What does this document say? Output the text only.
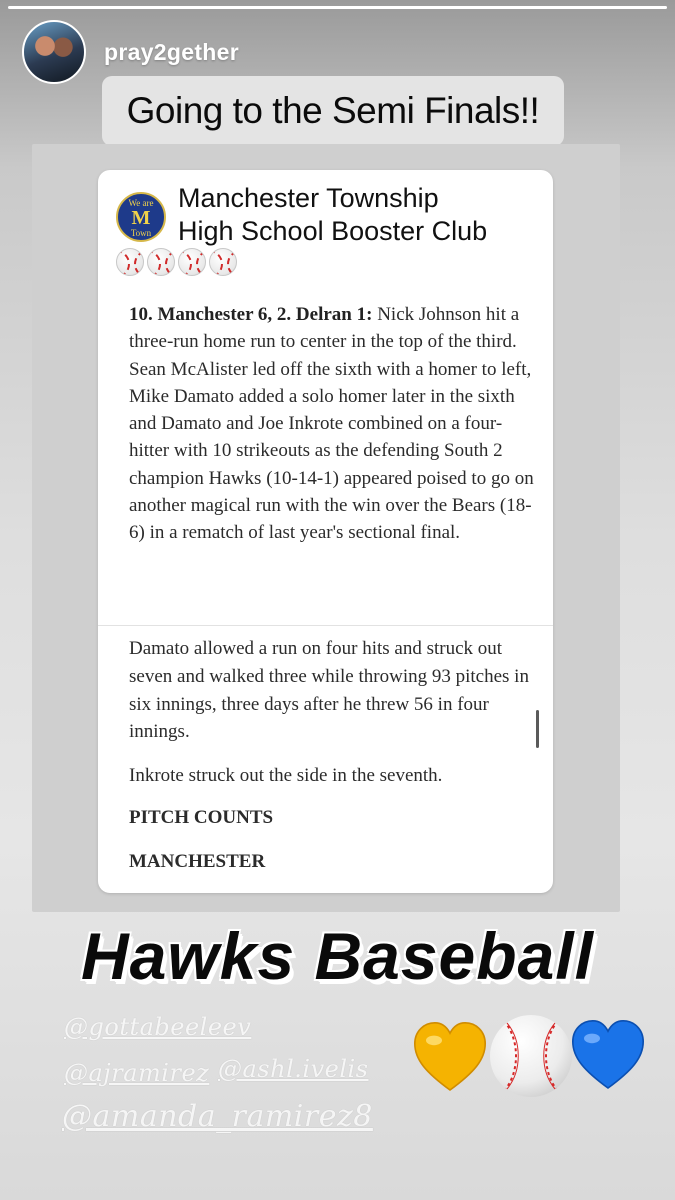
pray2gether
Going to the Semi Finals!!
We are
M
Town
Manchester Township
High School Booster Club
10. Manchester 6, 2. Delran 1: Nick Johnson hit a three-run home run to center in the top of the third. Sean McAlister led off the sixth with a homer to left, Mike Damato added a solo homer later in the sixth and Damato and Joe Inkrote combined on a four-hitter with 10 strikeouts as the defending South 2 champion Hawks (10-14-1) appeared poised to go on another magical run with the win over the Bears (18-6) in a rematch of last year's sectional final.
Damato allowed a run on four hits and struck out seven and walked three while throwing 93 pitches in six innings, three days after he threw 56 in four innings.
Inkrote struck out the side in the seventh.
PITCH COUNTS
MANCHESTER
Hawks Baseball
@gottabeeleev
@ajramirez @ashl.ivelis
@amanda_ramirez8
